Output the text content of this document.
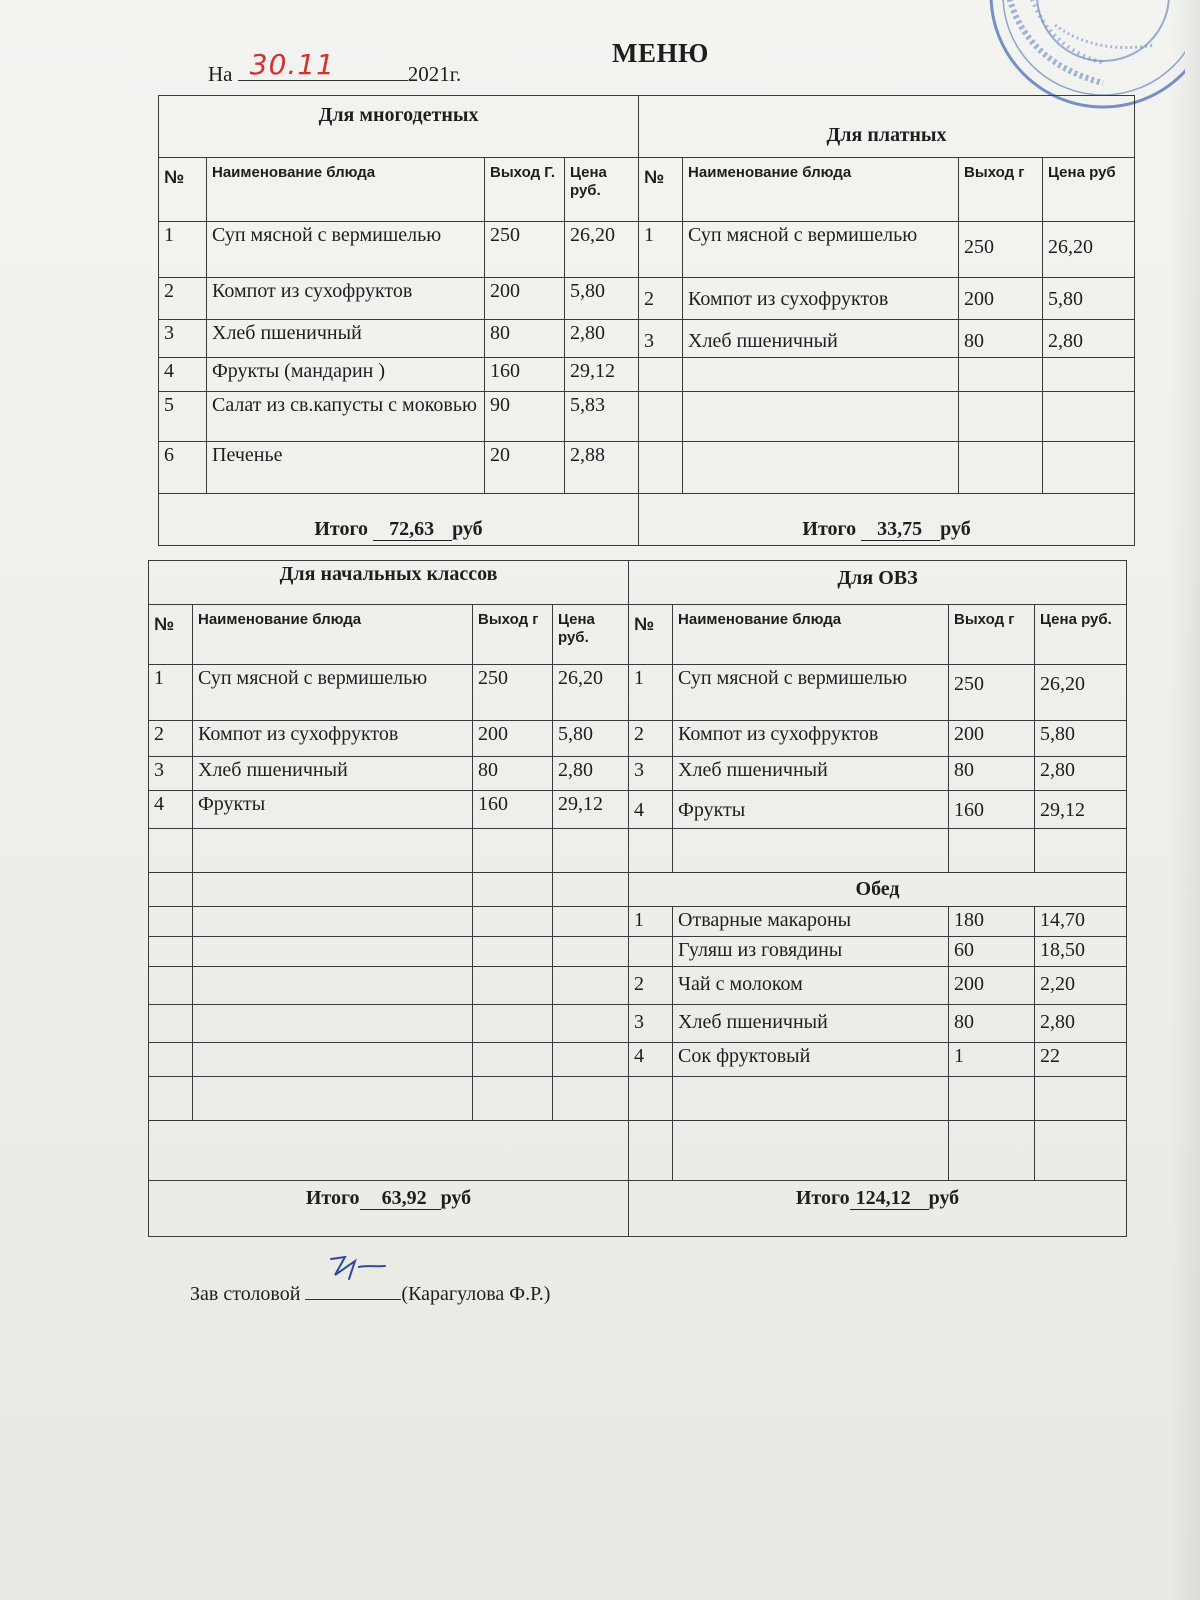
МЕНЮ
На 30.11	2021г.
Для многодетных				Для платных			
№	Наименование блюда	Выход Г.	Цена руб.	№	Наименование блюда	Выход г	Цена руб
1	Суп мясной с вермишелью	250	26,20	1	Суп мясной с вермишелью	250	26,20
2	Компот из сухофруктов	200	5,80	2	Компот из сухофруктов	200	5,80
3	Хлеб пшеничный	80	2,80	3	Хлеб пшеничный	80	2,80
4	Фрукты (мандарин )	160	29,12				
5	Салат из св.капусты с моковью	90	5,83				
6	Печенье	20	2,88				
Итого 72,63 руб				Итого 33,75 руб			
Для начальных классов				Для ОВЗ			
№	Наименование блюда	Выход г	Цена руб.	№	Наименование блюда	Выход г	Цена руб.
1	Суп мясной с вермишелью	250	26,20	1	Суп мясной с вермишелью	250	26,20
2	Компот из сухофруктов	200	5,80	2	Компот из сухофруктов	200	5,80
3	Хлеб пшеничный	80	2,80	3	Хлеб пшеничный	80	2,80
4	Фрукты	160	29,12	4	Фрукты	160	29,12

				Обед			
				1	Отварные макароны	180	14,70
					Гуляш из говядины	60	18,50
				2	Чай с молоком	200	2,20
				3	Хлеб пшеничный	80	2,80
				4	Сок фруктовый	1	22

Итого 63,92 руб				Итого 124,12 руб			
Зав столовой	(Карагулова Ф.Р.)
